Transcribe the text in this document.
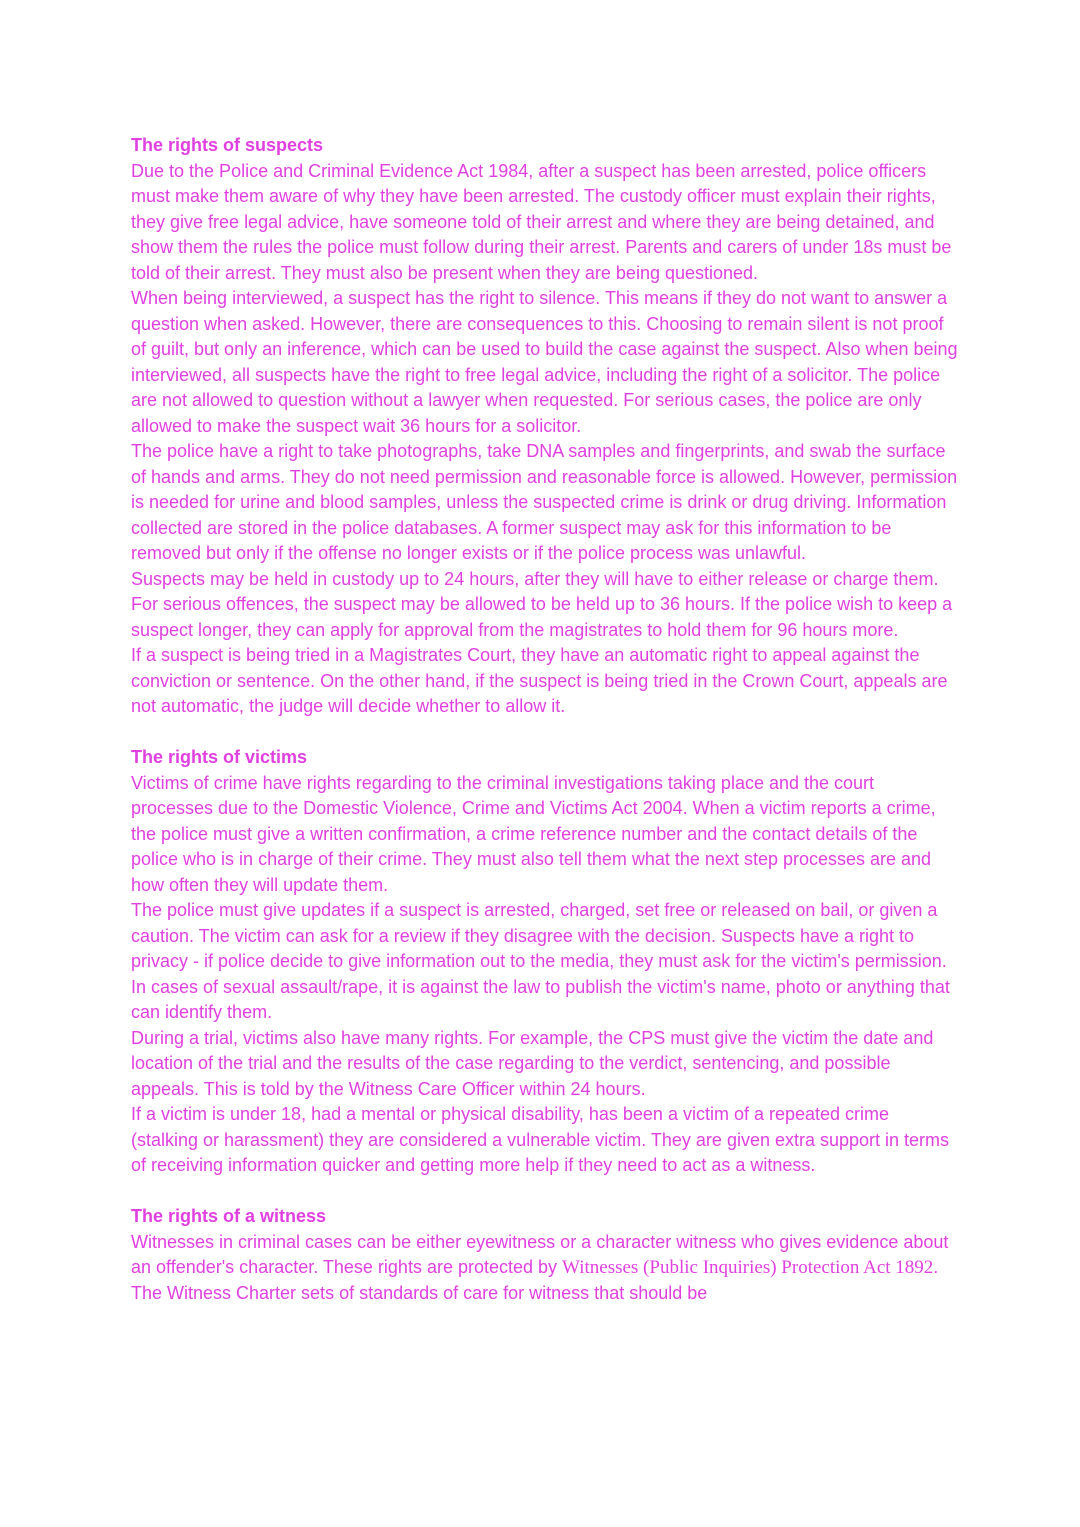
The rights of suspects

Due to the Police and Criminal Evidence Act 1984, after a suspect has been arrested, police officers must make them aware of why they have been arrested. The custody officer must explain their rights, they give free legal advice, have someone told of their arrest and where they are being detained, and show them the rules the police must follow during their arrest. Parents and carers of under 18s must be told of their arrest. They must also be present when they are being questioned.

When being interviewed, a suspect has the right to silence. This means if they do not want to answer a question when asked. However, there are consequences to this. Choosing to remain silent is not proof of guilt, but only an inference, which can be used to build the case against the suspect. Also when being interviewed, all suspects have the right to free legal advice, including the right of a solicitor. The police are not allowed to question without a lawyer when requested. For serious cases, the police are only allowed to make the suspect wait 36 hours for a solicitor.

The police have a right to take photographs, take DNA samples and fingerprints, and swab the surface of hands and arms. They do not need permission and reasonable force is allowed. However, permission is needed for urine and blood samples, unless the suspected crime is drink or drug driving. Information collected are stored in the police databases. A former suspect may ask for this information to be removed but only if the offense no longer exists or if the police process was unlawful.

Suspects may be held in custody up to 24 hours, after they will have to either release or charge them. For serious offences, the suspect may be allowed to be held up to 36 hours. If the police wish to keep a suspect longer, they can apply for approval from the magistrates to hold them for 96 hours more.

If a suspect is being tried in a Magistrates Court, they have an automatic right to appeal against the conviction or sentence. On the other hand, if the suspect is being tried in the Crown Court, appeals are not automatic, the judge will decide whether to allow it.

The rights of victims

Victims of crime have rights regarding to the criminal investigations taking place and the court processes due to the Domestic Violence, Crime and Victims Act 2004. When a victim reports a crime, the police must give a written confirmation, a crime reference number and the contact details of the police who is in charge of their crime. They must also tell them what the next step processes are and how often they will update them.

The police must give updates if a suspect is arrested, charged, set free or released on bail, or given a caution. The victim can ask for a review if they disagree with the decision. Suspects have a right to privacy - if police decide to give information out to the media, they must ask for the victim's permission. In cases of sexual assault/rape, it is against the law to publish the victim's name, photo or anything that can identify them.

During a trial, victims also have many rights. For example, the CPS must give the victim the date and location of the trial and the results of the case regarding to the verdict, sentencing, and possible appeals. This is told by the Witness Care Officer within 24 hours.

If a victim is under 18, had a mental or physical disability, has been a victim of a repeated crime (stalking or harassment) they are considered a vulnerable victim. They are given extra support in terms of receiving information quicker and getting more help if they need to act as a witness.

The rights of a witness

Witnesses in criminal cases can be either eyewitness or a character witness who gives evidence about an offender's character. These rights are protected by Witnesses (Public Inquiries) Protection Act 1892. The Witness Charter sets of standards of care for witness that should be
